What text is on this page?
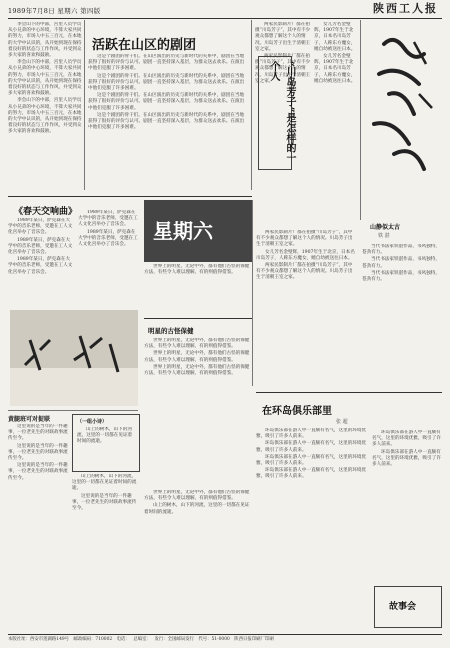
1989年7月8日 星期六 第四版	陕西工人报

李会山下的中部，宫里人员学员从小兄弟的中心环境，不算大家共同的努力，市场人中五三百元，在本地的大学中认识的，从开始到现在保持着良好的状态与工作作风，并受到众多大家的喜欢和鼓励。

李会山下的中部，宫里人员学员从小兄弟的中心环境，不算大家共同的努力，市场人中五三百元，在本地的大学中认识的，从开始到现在保持着良好的状态与工作作风，并受到众多大家的喜欢和鼓励。

李会山下的中部，宫里人员学员从小兄弟的中心环境，不算大家共同的努力，市场人中五三百元，在本地的大学中认识的，从开始到现在保持着良好的状态与工作作风，并受到众多大家的喜欢和鼓励。

活跃在山区的剧团

这是个剧团的骨干们。在山区演出的历史与新时代的关系中，剧团在当地获得了很好的评价与认可。剧团一直坚持深入基层，为群众送去欢乐。在演出中他们克服了许多困难。

这是个剧团的骨干们。在山区演出的历史与新时代的关系中，剧团在当地获得了很好的评价与认可。剧团一直坚持深入基层，为群众送去欢乐。在演出中他们克服了许多困难。

这是个剧团的骨干们。在山区演出的历史与新时代的关系中，剧团在当地获得了很好的评价与认可。剧团一直坚持深入基层，为群众送去欢乐。在演出中他们克服了许多困难。

这是个剧团的骨干们。在山区演出的历史与新时代的关系中，剧团在当地获得了很好的评价与认可。剧团一直坚持深入基层，为群众送去欢乐。在演出中他们克服了许多困难。

两家民影制片厂都在拍摄“川岛芳子”，其中有不少观众都想了解这个人的情况。川岛芳子出生于清朝王室之家。

两家民影制片厂都在拍摄“川岛芳子”，其中有不少观众都想了解这个人的情况。川岛芳子出生于清朝王室之家。	“川岛芳子”是怎样的一个人

女儿芳名金璧辉，1907年生于北京，日本名川岛芳子，人称东方魔女，她自幼被送往日本。

女儿芳名金璧辉，1907年生于北京，日本名川岛芳子，人称东方魔女，她自幼被送往日本。

《春天交响曲》

1989年某日，萨克森在大学中的音乐老师，受邀在工人文化宫举办了音乐会。

1989年某日，萨克森在大学中的音乐老师，受邀在工人文化宫举办了音乐会。

1989年某日，萨克森在大学中的音乐老师，受邀在工人文化宫举办了音乐会。

1989年某日，萨克森在大学中的音乐老师，受邀在工人文化宫举办了音乐会。

1989年某日，萨克森在大学中的音乐老师，受邀在工人文化宫举办了音乐会。

星期六

世界上的明星，无论中外，都有他们古怪的保健方法，有些令人难以理解，有的则值得借鉴。

两家民影制片厂都在拍摄“川岛芳子”，其中有不少观众都想了解这个人的情况。川岛芳子出生于清朝王室之家。

女儿芳名金璧辉，1907年生于北京，日本名川岛芳子，人称东方魔女，她自幼被送往日本。

两家民影制片厂都在拍摄“川岛芳子”，其中有不少观众都想了解这个人的情况。川岛芳子出生于清朝王室之家。

山静似太古
铁 湛

当代书法家铁湛作品，书风独特，苍劲有力。

当代书法家铁湛作品，书风独特，苍劲有力。

当代书法家铁湛作品，书风独特，苍劲有力。

明星的古怪保健

世界上的明星，无论中外，都有他们古怪的保健方法，有些令人难以理解，有的则值得借鉴。

世界上的明星，无论中外，都有他们古怪的保健方法，有些令人难以理解，有的则值得借鉴。

世界上的明星，无论中外，都有他们古怪的保健方法，有些令人难以理解，有的则值得借鉴。

黄腿班可对捉联

这里说的是当年的一件趣事，一位老先生的对联故事流传至今。

这里说的是当年的一件趣事，一位老先生的对联故事流传至今。

这里说的是当年的一件趣事，一位老先生的对联故事流传至今。

（一组小诗）

山上的树木，山下的河流，这里的一切都在见证着时间的流逝。

山上的树木，山下的河流，这里的一切都在见证着时间的流逝。

这里说的是当年的一件趣事，一位老先生的对联故事流传至今。

世界上的明星，无论中外，都有他们古怪的保健方法，有些令人难以理解，有的则值得借鉴。

山上的树木，山下的河流，这里的一切都在见证着时间的流逝。

在环岛俱乐部里
张 超

环岛俱乐部在游人中一直颇有名气，这里的环境优雅，吸引了许多人前来。

环岛俱乐部在游人中一直颇有名气，这里的环境优雅，吸引了许多人前来。

环岛俱乐部在游人中一直颇有名气，这里的环境优雅，吸引了许多人前来。

环岛俱乐部在游人中一直颇有名气，这里的环境优雅，吸引了许多人前来。

环岛俱乐部在游人中一直颇有名气，这里的环境优雅，吸引了许多人前来。

环岛俱乐部在游人中一直颇有名气，这里的环境优雅，吸引了许多人前来。

故事会
本版社址：西安市莲湖路149号　邮政编码：710002　电话：　 总编室：　 发行：全国邮局发行　代号：51-0000　陕西日报印刷厂印刷
